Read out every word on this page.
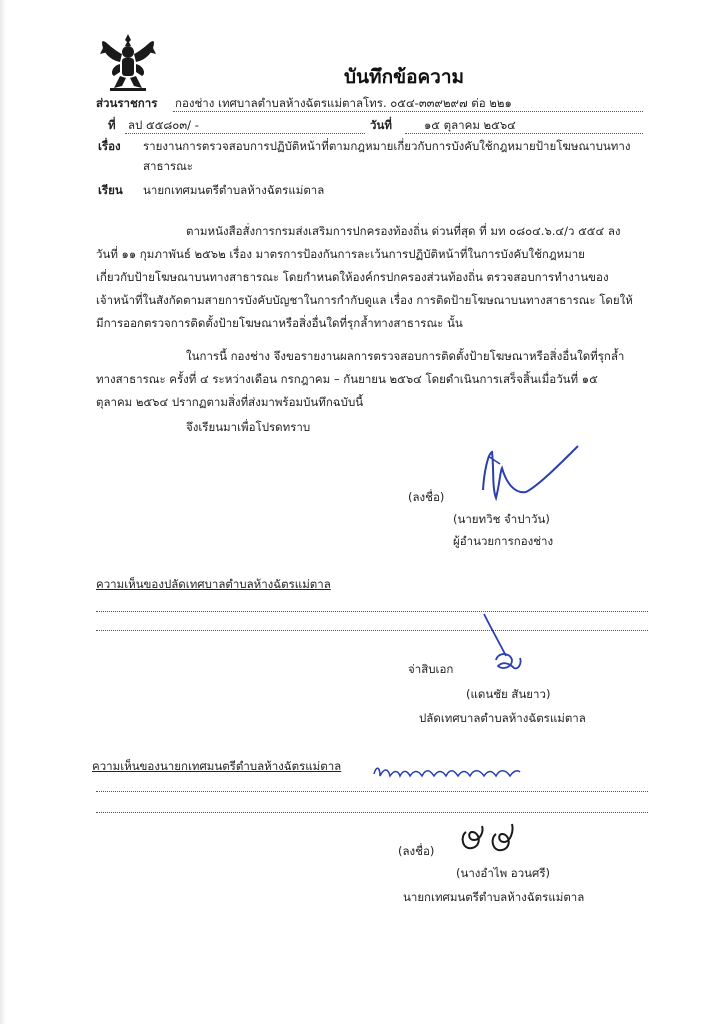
บันทึกข้อความ
ส่วนราชการ กองช่าง เทศบาลตำบลห้างฉัตรแม่ตาลโทร. ๐๕๔-๓๓๙๒๙๗ ต่อ ๒๒๑
ที่ ลป ๕๕๘๐๓/ -	วันที่	๑๕ ตุลาคม ๒๕๖๔
เรื่อง รายงานการตรวจสอบการปฏิบัติหน้าที่ตามกฎหมายเกี่ยวกับการบังคับใช้กฎหมายป้ายโฆษณาบนทาง
สาธารณะ
เรียน นายกเทศมนตรีตำบลห้างฉัตรแม่ตาล
ตามหนังสือสั่งการกรมส่งเสริมการปกครองท้องถิ่น ด่วนที่สุด ที่ มท ๐๘๐๔.๖.๔/ว ๕๕๔ ลง
วันที่ ๑๑ กุมภาพันธ์ ๒๕๖๒ เรื่อง มาตรการป้องกันการละเว้นการปฏิบัติหน้าที่ในการบังคับใช้กฎหมาย
เกี่ยวกับป้ายโฆษณาบนทางสาธารณะ โดยกำหนดให้องค์กรปกครองส่วนท้องถิ่น ตรวจสอบการทำงานของ
เจ้าหน้าที่ในสังกัดตามสายการบังคับบัญชาในการกำกับดูแล เรื่อง การติดป้ายโฆษณาบนทางสาธารณะ โดยให้
มีการออกตรวจการติดตั้งป้ายโฆษณาหรือสิ่งอื่นใดที่รุกล้ำทางสาธารณะ นั้น
ในการนี้ กองช่าง จึงขอรายงานผลการตรวจสอบการติดตั้งป้ายโฆษณาหรือสิ่งอื่นใดที่รุกล้ำ
ทางสาธารณะ ครั้งที่ ๔ ระหว่างเดือน กรกฎาคม – กันยายน ๒๕๖๔ โดยดำเนินการเสร็จสิ้นเมื่อวันที่ ๑๕
ตุลาคม ๒๕๖๔ ปรากฏตามสิ่งที่ส่งมาพร้อมบันทึกฉบับนี้
จึงเรียนมาเพื่อโปรดทราบ
(ลงชื่อ)
(นายทวิช จำปาวัน)
ผู้อำนวยการกองช่าง
ความเห็นของปลัดเทศบาลตำบลห้างฉัตรแม่ตาล
จ่าสิบเอก
(แดนชัย สันยาว)
ปลัดเทศบาลตำบลห้างฉัตรแม่ตาล
ความเห็นของนายกเทศมนตรีตำบลห้างฉัตรแม่ตาล
(ลงชื่อ)
(นางอำไพ อวนศรี)
นายกเทศมนตรีตำบลห้างฉัตรแม่ตาล
